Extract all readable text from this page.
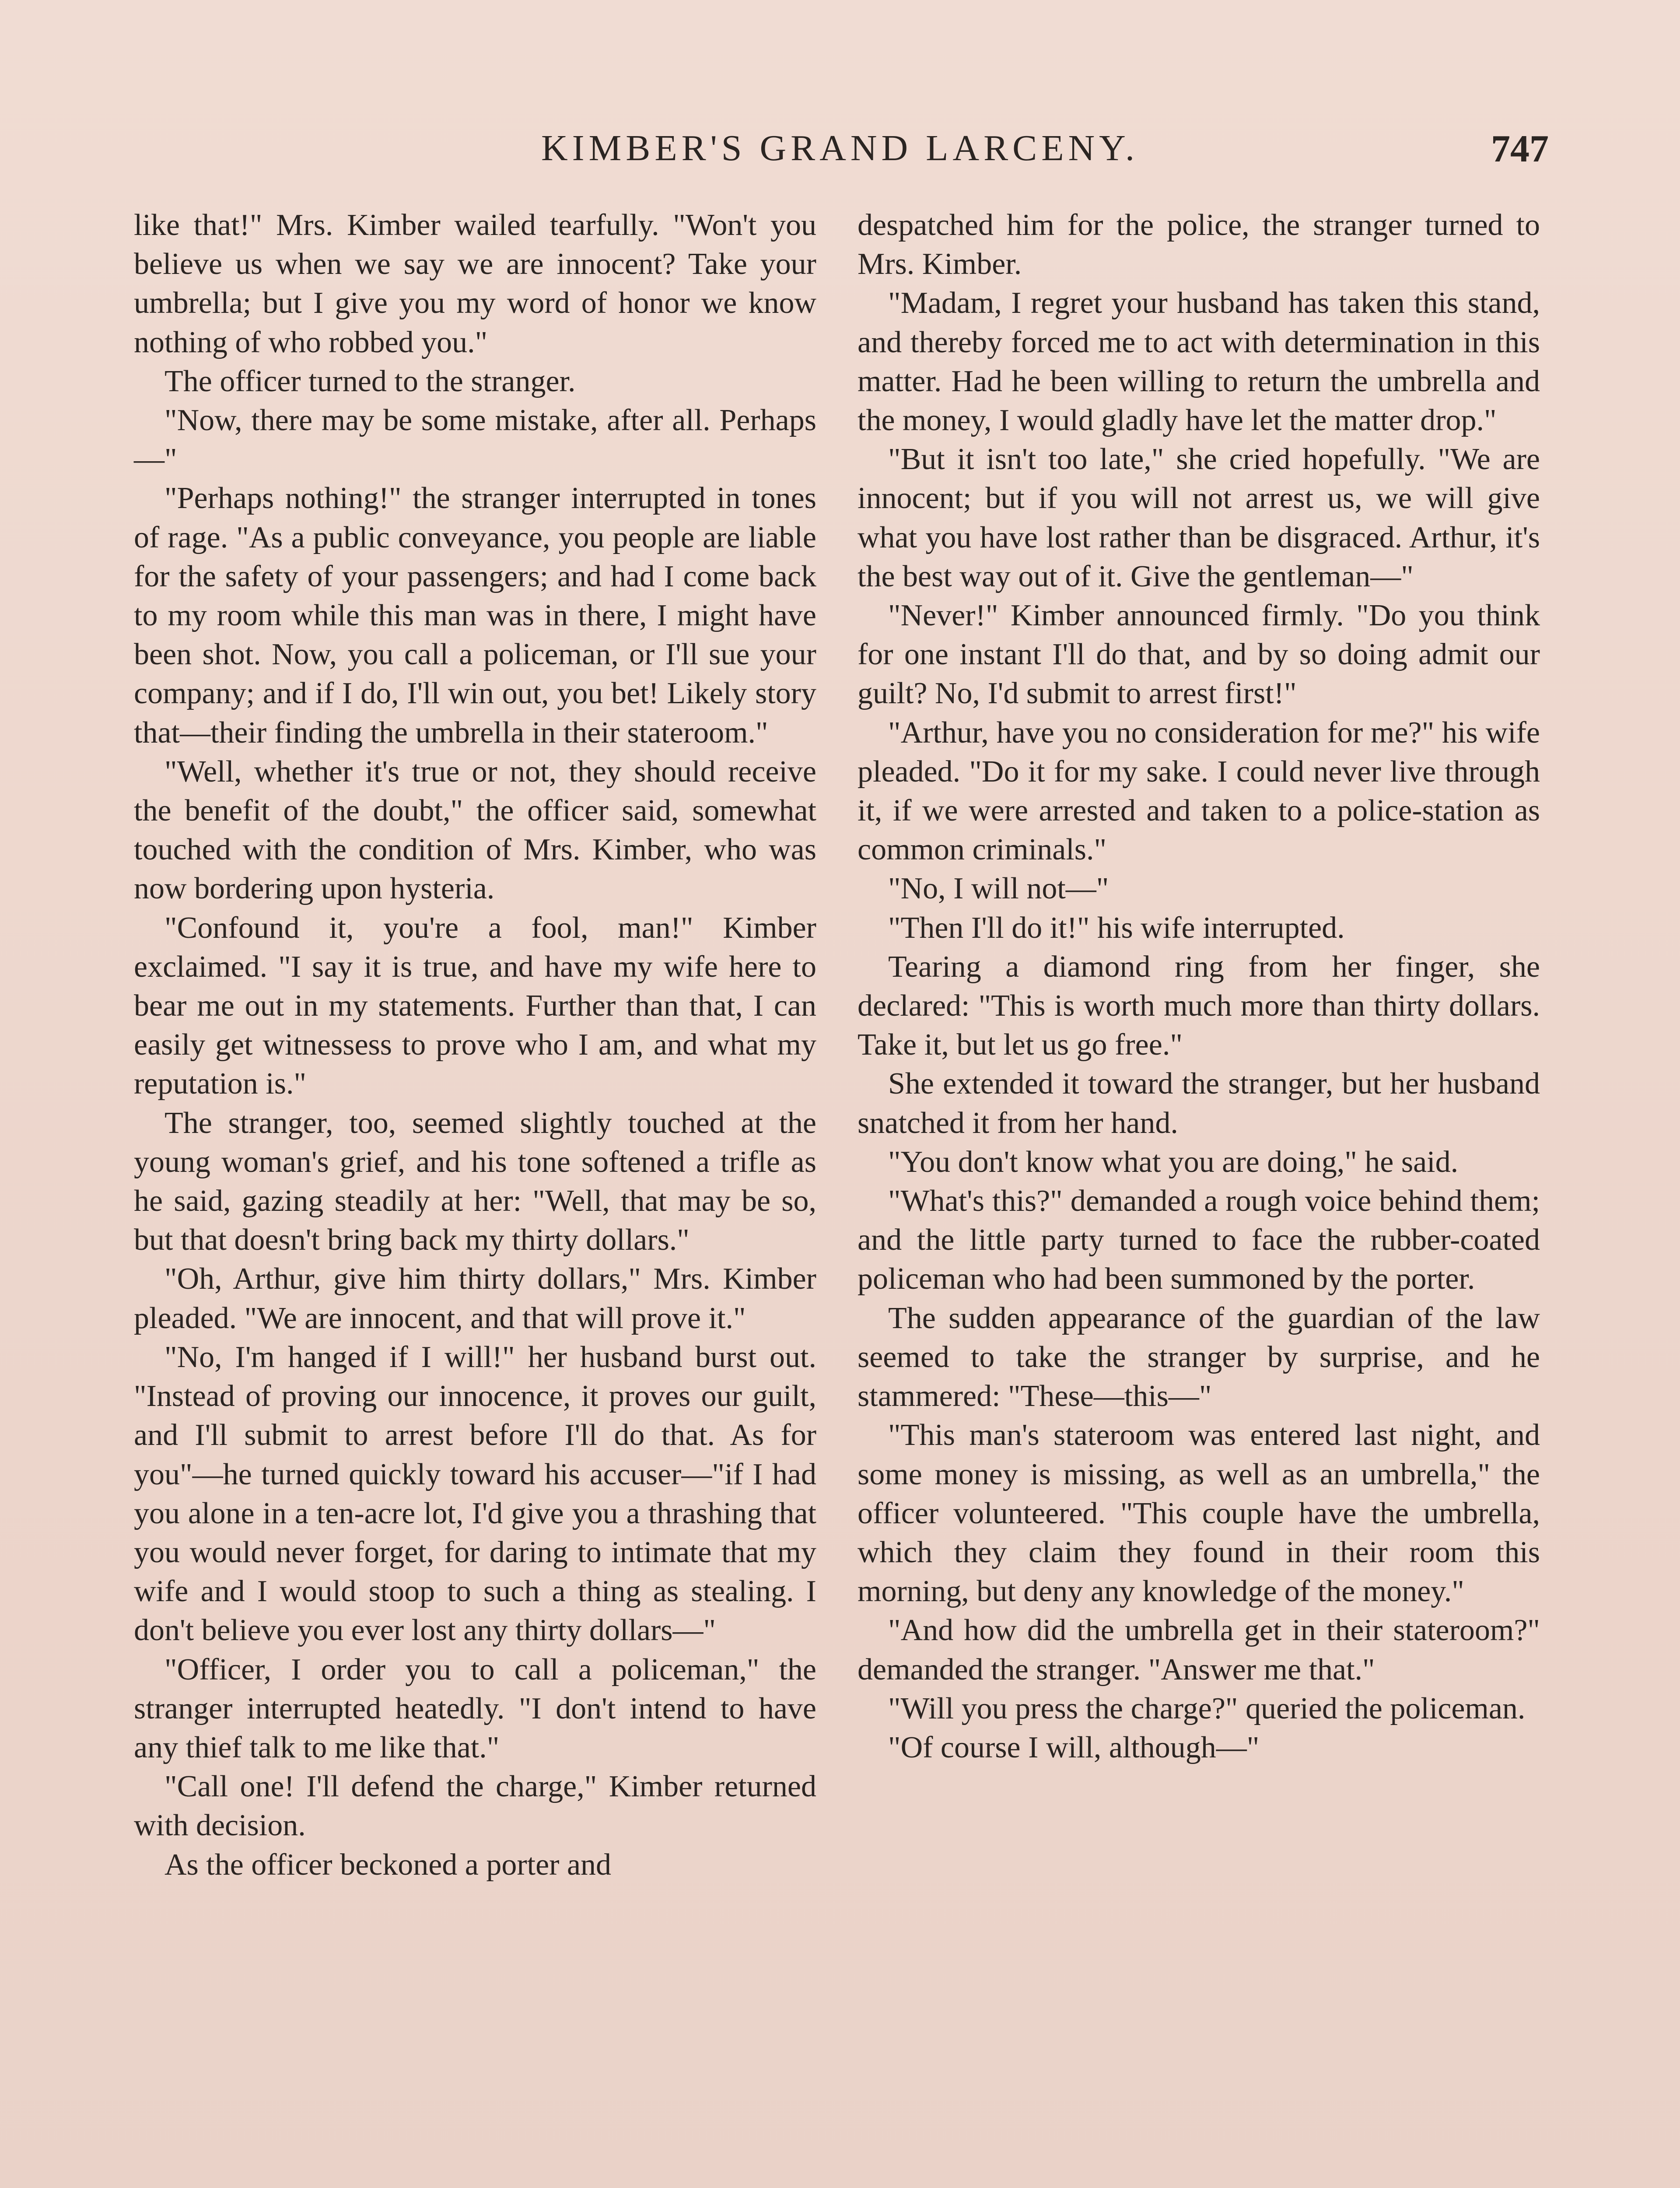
KIMBER'S GRAND LARCENY.	747

like that!" Mrs. Kimber wailed tearfully. "Won't you believe us when we say we are innocent? Take your umbrella; but I give you my word of honor we know nothing of who robbed you."

The officer turned to the stranger.

"Now, there may be some mistake, after all. Perhaps—"

"Perhaps nothing!" the stranger interrupted in tones of rage. "As a public conveyance, you people are liable for the safety of your passengers; and had I come back to my room while this man was in there, I might have been shot. Now, you call a policeman, or I'll sue your company; and if I do, I'll win out, you bet! Likely story that—their finding the umbrella in their stateroom."

"Well, whether it's true or not, they should receive the benefit of the doubt," the officer said, somewhat touched with the condition of Mrs. Kimber, who was now bordering upon hysteria.

"Confound it, you're a fool, man!" Kimber exclaimed. "I say it is true, and have my wife here to bear me out in my statements. Further than that, I can easily get witnessess to prove who I am, and what my reputation is."

The stranger, too, seemed slightly touched at the young woman's grief, and his tone softened a trifle as he said, gazing steadily at her: "Well, that may be so, but that doesn't bring back my thirty dollars."

"Oh, Arthur, give him thirty dollars," Mrs. Kimber pleaded. "We are innocent, and that will prove it."

"No, I'm hanged if I will!" her husband burst out. "Instead of proving our innocence, it proves our guilt, and I'll submit to arrest before I'll do that. As for you"—he turned quickly toward his accuser—"if I had you alone in a ten-acre lot, I'd give you a thrashing that you would never forget, for daring to intimate that my wife and I would stoop to such a thing as stealing. I don't believe you ever lost any thirty dollars—"

"Officer, I order you to call a policeman," the stranger interrupted heatedly. "I don't intend to have any thief talk to me like that."

"Call one! I'll defend the charge," Kimber returned with decision.

As the officer beckoned a porter and

despatched him for the police, the stranger turned to Mrs. Kimber.

"Madam, I regret your husband has taken this stand, and thereby forced me to act with determination in this matter. Had he been willing to return the umbrella and the money, I would gladly have let the matter drop."

"But it isn't too late," she cried hopefully. "We are innocent; but if you will not arrest us, we will give what you have lost rather than be disgraced. Arthur, it's the best way out of it. Give the gentleman—"

"Never!" Kimber announced firmly. "Do you think for one instant I'll do that, and by so doing admit our guilt? No, I'd submit to arrest first!"

"Arthur, have you no consideration for me?" his wife pleaded. "Do it for my sake. I could never live through it, if we were arrested and taken to a police-station as common criminals."

"No, I will not—"

"Then I'll do it!" his wife interrupted.

Tearing a diamond ring from her finger, she declared: "This is worth much more than thirty dollars. Take it, but let us go free."

She extended it toward the stranger, but her husband snatched it from her hand.

"You don't know what you are doing," he said.

"What's this?" demanded a rough voice behind them; and the little party turned to face the rubber-coated policeman who had been summoned by the porter.

The sudden appearance of the guardian of the law seemed to take the stranger by surprise, and he stammered: "These—this—"

"This man's stateroom was entered last night, and some money is missing, as well as an umbrella," the officer volunteered. "This couple have the umbrella, which they claim they found in their room this morning, but deny any knowledge of the money."

"And how did the umbrella get in their stateroom?" demanded the stranger. "Answer me that."

"Will you press the charge?" queried the policeman.

"Of course I will, although—"
